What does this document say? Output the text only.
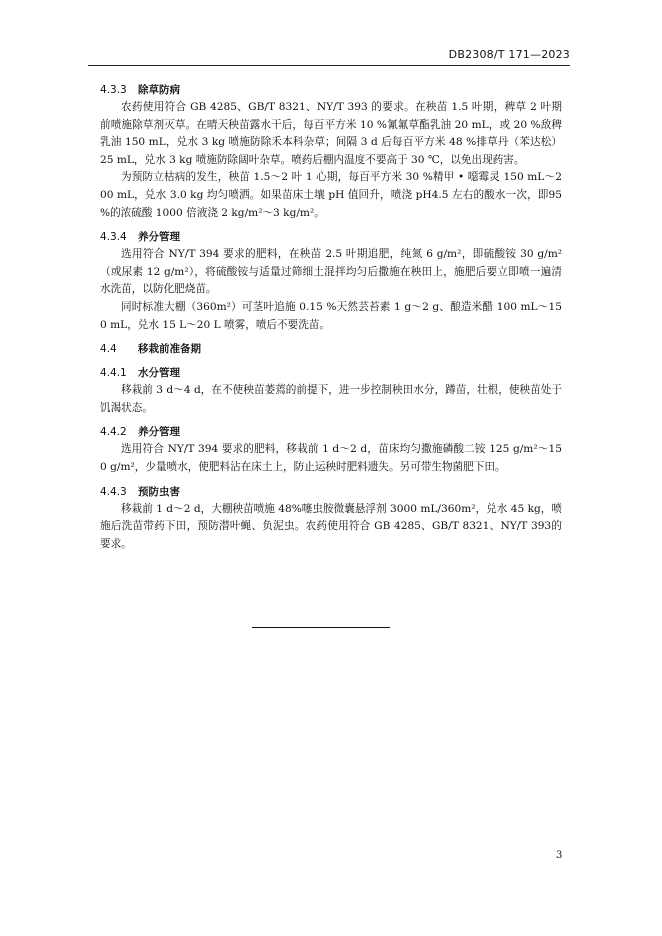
DB2308/T 171—2023
4.3.3 除草防病

农药使用符合 GB 4285、GB/T 8321、NY/T 393 的要求。在秧苗 1.5 叶期，稗草 2 叶期前喷施除草剂灭草。在晴天秧苗露水干后，每百平方米 10 %氰氟草酯乳油 20 mL，或 20 %敌稗乳油 150 mL，兑水 3 kg 喷施防除禾本科杂草；间隔 3 d 后每百平方米 48 %排草丹（苯达松）25 mL，兑水 3 kg 喷施防除阔叶杂草。喷药后棚内温度不要高于 30 ℃，以免出现药害。

为预防立枯病的发生，秧苗 1.5～2 叶 1 心期，每百平方米 30 %精甲 • 噁霉灵 150 mL～200 mL，兑水 3.0 kg 均匀喷洒。如果苗床土壤 pH 值回升，喷浇 pH4.5 左右的酸水一次，即95 %的浓硫酸 1000 倍液浇 2 kg/m²～3 kg/m²。

4.3.4 养分管理

选用符合 NY/T 394 要求的肥料，在秧苗 2.5 叶期追肥，纯氮 6 g/m²，即硫酸铵 30 g/m²（或尿素 12 g/m²），将硫酸铵与适量过筛细土混拌均匀后撒施在秧田上，施肥后要立即喷一遍清水洗苗，以防化肥烧苗。

同时标准大棚（360m²）可茎叶追施 0.15 %天然芸苔素 1 g～2 g、酿造米醋 100 mL～150 mL，兑水 15 L～20 L 喷雾，喷后不要洗苗。

4.4 移栽前准备期
4.4.1 水分管理

移栽前 3 d～4 d，在不使秧苗萎蔫的前提下，进一步控制秧田水分，蹲苗，壮根，使秧苗处于饥渴状态。

4.4.2 养分管理

选用符合 NY/T 394 要求的肥料，移栽前 1 d～2 d，苗床均匀撒施磷酸二铵 125 g/m²～150 g/m²，少量喷水，使肥料沾在床土上，防止运秧时肥料遗失。另可带生物菌肥下田。

4.4.3 预防虫害

移栽前 1 d～2 d，大棚秧苗喷施 48%噻虫胺微囊悬浮剂 3000 mL/360m²，兑水 45 kg，喷施后洗苗带药下田，预防潜叶蝇、负泥虫。农药使用符合 GB 4285、GB/T 8321、NY/T 393的要求。

3
